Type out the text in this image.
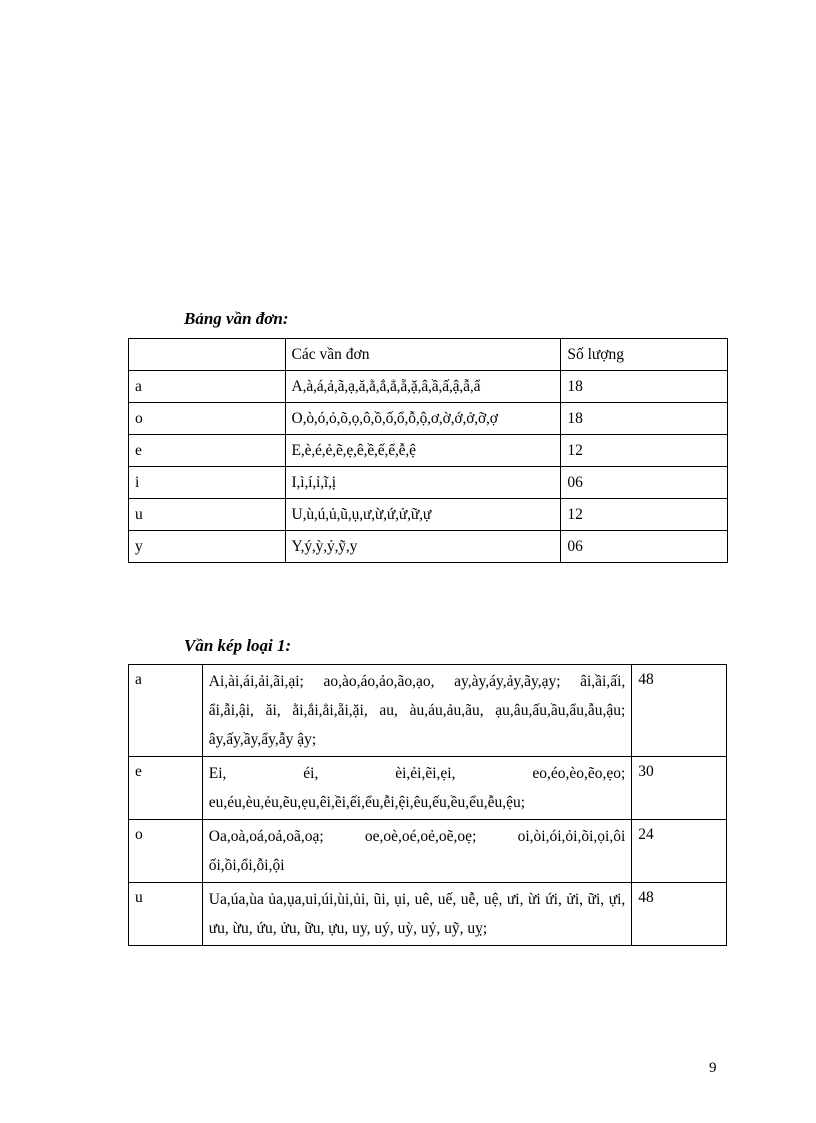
Bảng vần đơn:

	Các vần đơn	Số lượng
a	A,à,á,ả,ã,ạ,ă,ằ,ắ,ẳ,ẵ,ặ,â,ầ,ấ,ậ,ẫ,ẩ	18
o	O,ò,ó,ỏ,õ,ọ,ô,ồ,ố,ổ,ỗ,ộ,ơ,ờ,ớ,ở,ỡ,ợ	18
e	E,è,é,ẻ,ẽ,ẹ,ê,ề,ế,ể,ễ,ệ	12
i	I,ì,í,ỉ,ĩ,ị	06
u	U,ù,ú,ủ,ũ,ụ,ư,ừ,ứ,ử,ữ,ự	12
y	Y,ý,ỳ,ỷ,ỹ,y	06

Vần kép loại 1:

a	Ai,ài,ái,ải,ãi,ại; ao,ào,áo,ảo,ão,ạo, ay,ày,áy,ảy,ãy,ạy; âi,ầi,ấi, ẩi,ẫi,ậi, ăi, ằi,ắi,ẳi,ẵi,ặi, au, àu,áu,ảu,ãu, ạu,âu,ấu,ầu,ẩu,ẫu,ậu; ây,ấy,ầy,ẩy,ẫy ậy;	48
e	Ei, éi, èi,ẻi,ẽi,ẹi, eo,éo,èo,ẽo,ẹo; eu,éu,èu,ẻu,ẽu,ẹu,êi,ềi,ếi,ểu,ễi,ệi,êu,ếu,ều,ểu,ễu,ệu;	30
o	Oa,oà,oá,oả,oã,oạ; oe,oè,oé,oẻ,oẽ,oẹ; oi,òi,ói,ỏi,õi,ọi,ôi ối,ồi,ổi,ỗi,ội	24
u	Ua,úa,ùa ủa,ụa,ui,úi,ùi,ủi, ũi, ụi, uê, uế, uễ, uệ, ưi, ừi ứi, ửi, ữi, ựi, ưu, ừu, ứu, ửu, ữu, ựu, uy, uý, uỳ, uỷ, uỹ, uỵ;	48

9
